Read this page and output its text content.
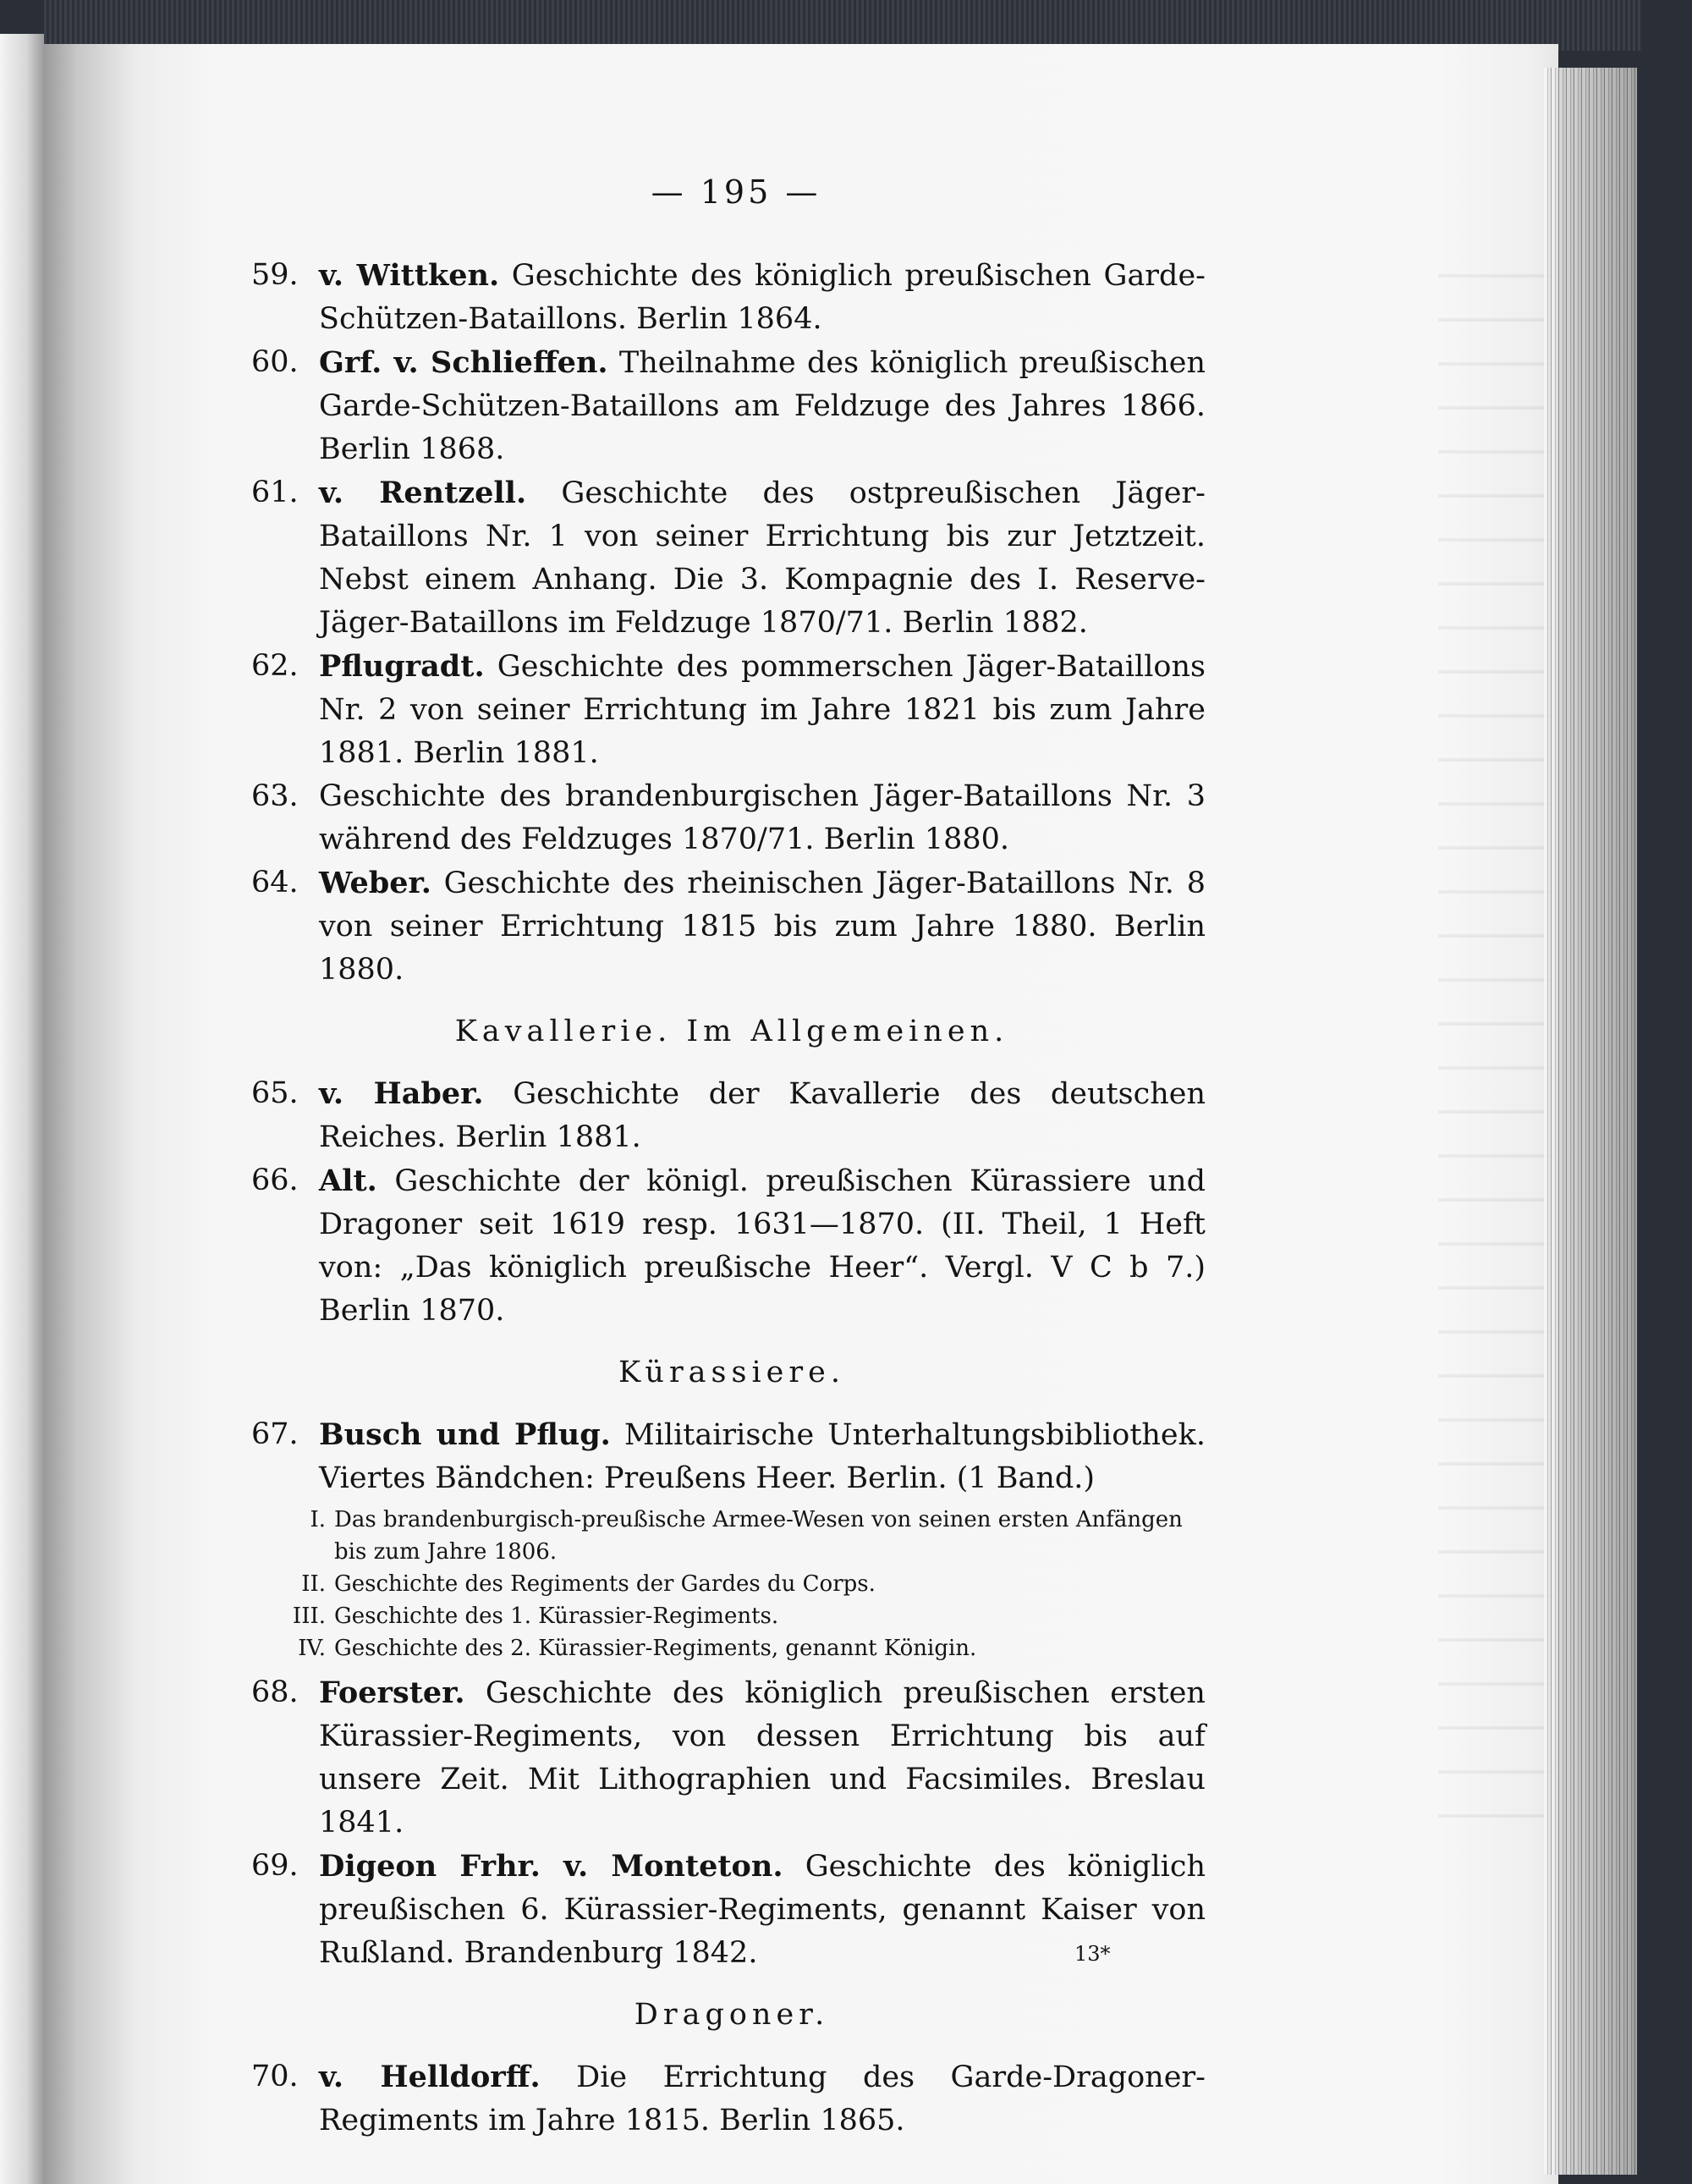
— 195 —
59. v. Wittken. Geschichte des königlich preußischen Garde-Schützen-Bataillons. Berlin 1864.
60. Grf. v. Schlieffen. Theilnahme des königlich preußischen Garde-Schützen-Bataillons am Feldzuge des Jahres 1866. Berlin 1868.
61. v. Rentzell. Geschichte des ostpreußischen Jäger-Bataillons Nr. 1 von seiner Errichtung bis zur Jetztzeit. Nebst einem Anhang. Die 3. Kompagnie des I. Reserve-Jäger-Bataillons im Feldzuge 1870/71. Berlin 1882.
62. Pflugradt. Geschichte des pommerschen Jäger-Bataillons Nr. 2 von seiner Errichtung im Jahre 1821 bis zum Jahre 1881. Berlin 1881.
63. Geschichte des brandenburgischen Jäger-Bataillons Nr. 3 während des Feldzuges 1870/71. Berlin 1880.
64. Weber. Geschichte des rheinischen Jäger-Bataillons Nr. 8 von seiner Errichtung 1815 bis zum Jahre 1880. Berlin 1880.
Kavallerie. Im Allgemeinen.
65. v. Haber. Geschichte der Kavallerie des deutschen Reiches. Berlin 1881.
66. Alt. Geschichte der königl. preußischen Kürassiere und Dragoner seit 1619 resp. 1631—1870. (II. Theil, 1 Heft von: „Das königlich preußische Heer“. Vergl. V C b 7.) Berlin 1870.
Kürassiere.
67. Busch und Pflug. Militairische Unterhaltungsbibliothek. Viertes Bändchen: Preußens Heer. Berlin. (1 Band.)
I. Das brandenburgisch-preußische Armee-Wesen von seinen ersten Anfängen bis zum Jahre 1806.
II. Geschichte des Regiments der Gardes du Corps.
III. Geschichte des 1. Kürassier-Regiments.
IV. Geschichte des 2. Kürassier-Regiments, genannt Königin.
68. Foerster. Geschichte des königlich preußischen ersten Kürassier-Regiments, von dessen Errichtung bis auf unsere Zeit. Mit Lithographien und Facsimiles. Breslau 1841.
69. Digeon Frhr. v. Monteton. Geschichte des königlich preußischen 6. Kürassier-Regiments, genannt Kaiser von Rußland. Brandenburg 1842.
Dragoner.
70. v. Helldorff. Die Errichtung des Garde-Dragoner-Regiments im Jahre 1815. Berlin 1865.
13*
